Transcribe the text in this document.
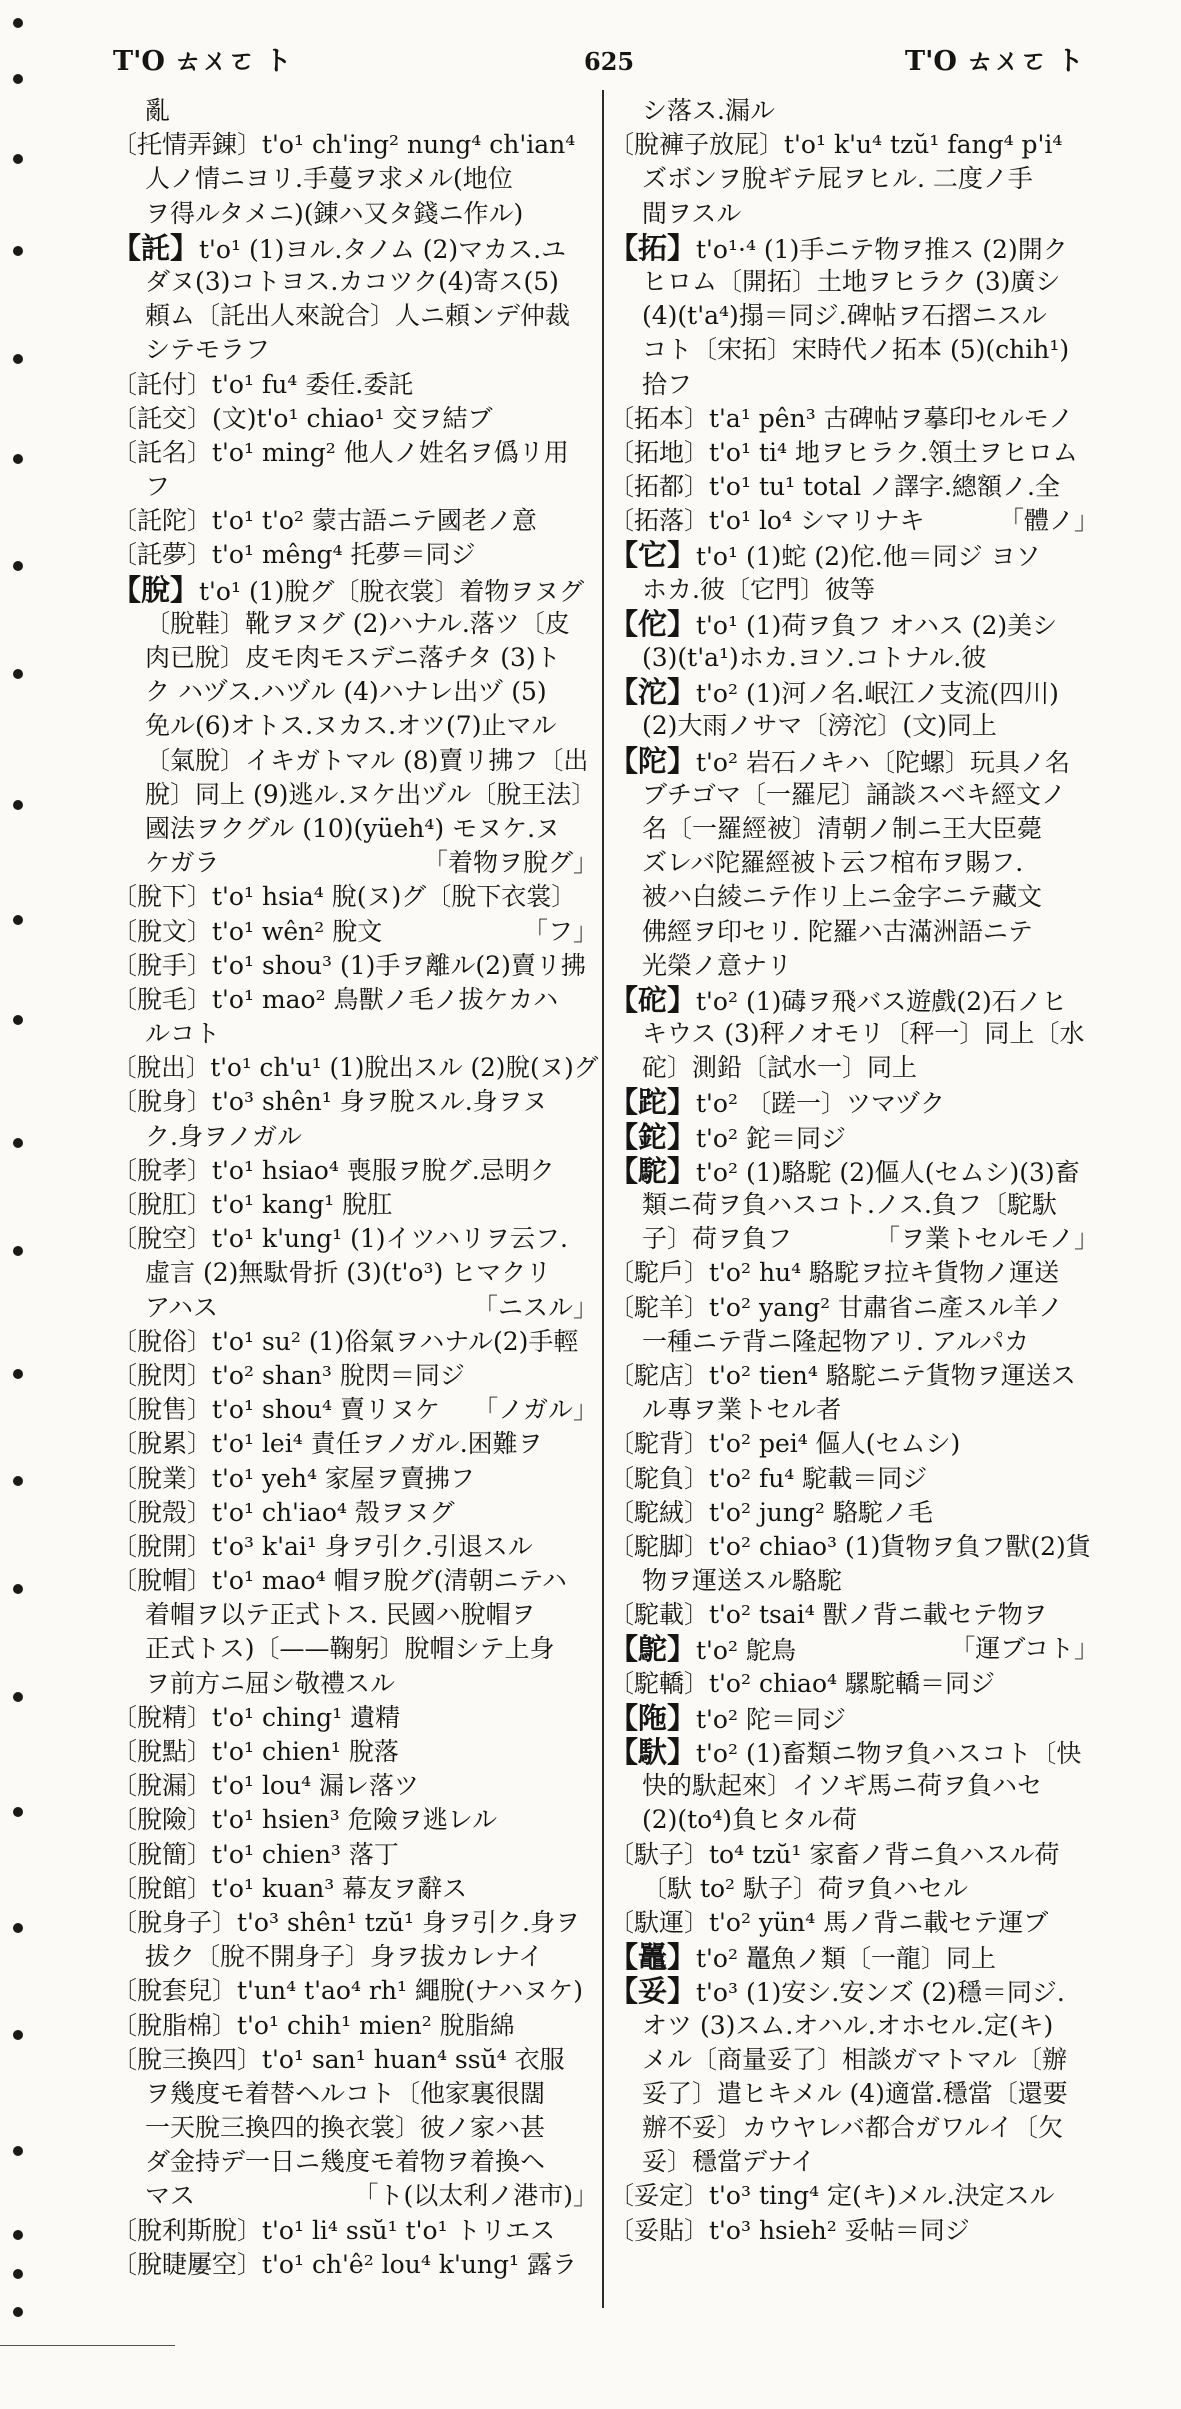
T'O ㄊㄨㄛ ト	625	T'O ㄊㄨㄛ ト
亂
〔托情弄錬〕t'o¹ ch'ing² nung⁴ ch'ian⁴
人ノ情ニヨリ.手蔓ヲ求メル(地位
ヲ得ルタメニ)(錬ハ又タ錢ニ作ル)
【託】t'o¹ (1)ヨル.タノム (2)マカス.ユ
ダヌ(3)コトヨス.カコツク(4)寄ス(5)
頼ム〔託出人來說合〕人ニ頼ンデ仲裁
シテモラフ
〔託付〕t'o¹ fu⁴ 委任.委託
〔託交〕(文)t'o¹ chiao¹ 交ヲ結ブ
〔託名〕t'o¹ ming² 他人ノ姓名ヲ僞リ用
フ
〔託陀〕t'o¹ t'o² 蒙古語ニテ國老ノ意
〔託夢〕t'o¹ mêng⁴ 托夢＝同ジ
【脫】t'o¹ (1)脫グ〔脫衣裳〕着物ヲヌグ
〔脫鞋〕靴ヲヌグ (2)ハナル.落ツ〔皮
肉已脫〕皮モ肉モスデニ落チタ (3)ト
ク ハヅス.ハヅル (4)ハナレ出ヅ (5)
免ル(6)オトス.ヌカス.オツ(7)止マル
〔氣脫〕イキガトマル (8)賣リ拂フ〔出
脫〕同上 (9)逃ル.ヌケ出ヅル〔脫王法〕
國法ヲクグル (10)(yüeh⁴) モヌケ.ヌ
ケガラ	「着物ヲ脫グ」
〔脫下〕t'o¹ hsia⁴ 脫(ヌ)グ〔脫下衣裳〕
〔脫文〕t'o¹ wên² 脫文	「フ」
〔脫手〕t'o¹ shou³ (1)手ヲ離ル(2)賣リ拂
〔脫毛〕t'o¹ mao² 鳥獸ノ毛ノ拔ケカハ
ルコト
〔脫出〕t'o¹ ch'u¹ (1)脫出スル (2)脫(ヌ)グ
〔脫身〕t'o³ shên¹ 身ヲ脫スル.身ヲヌ
ク.身ヲノガル
〔脫孝〕t'o¹ hsiao⁴ 喪服ヲ脫グ.忌明ク
〔脫肛〕t'o¹ kang¹ 脫肛
〔脫空〕t'o¹ k'ung¹ (1)イツハリヲ云フ.
虛言 (2)無駄骨折 (3)(t'o³) ヒマクリ
アハス	「ニスル」
〔脫俗〕t'o¹ su² (1)俗氣ヲハナル(2)手輕
〔脫閃〕t'o² shan³ 脫閃＝同ジ
〔脫售〕t'o¹ shou⁴ 賣リヌケ 「ノガル」
〔脫累〕t'o¹ lei⁴ 責任ヲノガル.困難ヲ
〔脫業〕t'o¹ yeh⁴ 家屋ヲ賣拂フ
〔脫殼〕t'o¹ ch'iao⁴ 殼ヲヌグ
〔脫開〕t'o³ k'ai¹ 身ヲ引ク.引退スル
〔脫帽〕t'o¹ mao⁴ 帽ヲ脫グ(清朝ニテハ
着帽ヲ以テ正式トス. 民國ハ脫帽ヲ
正式トス)〔——鞠躬〕脫帽シテ上身
ヲ前方ニ屈シ敬禮スル
〔脫精〕t'o¹ ching¹ 遺精
〔脫點〕t'o¹ chien¹ 脫落
〔脫漏〕t'o¹ lou⁴ 漏レ落ツ
〔脫險〕t'o¹ hsien³ 危險ヲ逃レル
〔脫簡〕t'o¹ chien³ 落丁
〔脫館〕t'o¹ kuan³ 幕友ヲ辭ス
〔脫身子〕t'o³ shên¹ tzŭ¹ 身ヲ引ク.身ヲ
拔ク〔脫不開身子〕身ヲ拔カレナイ
〔脫套兒〕t'un⁴ t'ao⁴ rh¹ 繩脫(ナハヌケ)
〔脫脂棉〕t'o¹ chih¹ mien² 脫脂綿
〔脫三換四〕t'o¹ san¹ huan⁴ ssŭ⁴ 衣服
ヲ幾度モ着替ヘルコト〔他家裏很闊
一天脫三換四的換衣裳〕彼ノ家ハ甚
ダ金持デ一日ニ幾度モ着物ヲ着換ヘ
マス	「ト(以太利ノ港市)」
〔脫利斯脫〕t'o¹ li⁴ ssŭ¹ t'o¹ トリエス
〔脫睫屢空〕t'o¹ ch'ê² lou⁴ k'ung¹ 露ラ
シ落ス.漏ル
〔脫褲子放屁〕t'o¹ k'u⁴ tzŭ¹ fang⁴ p'i⁴
ズボンヲ脫ギテ屁ヲヒル. 二度ノ手
間ヲスル
【拓】t'o¹·⁴ (1)手ニテ物ヲ推ス (2)開ク
ヒロム〔開拓〕土地ヲヒラク (3)廣シ
(4)(t'a⁴)搨＝同ジ.碑帖ヲ石摺ニスル
コト〔宋拓〕宋時代ノ拓本 (5)(chih¹)
拾フ
〔拓本〕t'a¹ pên³ 古碑帖ヲ摹印セルモノ
〔拓地〕t'o¹ ti⁴ 地ヲヒラク.領土ヲヒロム
〔拓都〕t'o¹ tu¹ total ノ譯字.總額ノ.全
〔拓落〕t'o¹ lo⁴ シマリナキ	「體ノ」
【它】t'o¹ (1)蛇 (2)佗.他＝同ジ ヨソ
ホカ.彼〔它門〕彼等
【佗】t'o¹ (1)荷ヲ負フ オハス (2)美シ
(3)(t'a¹)ホカ.ヨソ.コトナル.彼
【沱】t'o² (1)河ノ名.岷江ノ支流(四川)
(2)大雨ノサマ〔滂沱〕(文)同上
【陀】t'o² 岩石ノキハ〔陀螺〕玩具ノ名
ブチゴマ〔一羅尼〕誦談スベキ經文ノ
名〔一羅經被〕清朝ノ制ニ王大臣薨
ズレバ陀羅經被ト云フ棺布ヲ賜フ.
被ハ白綾ニテ作リ上ニ金字ニテ藏文
佛經ヲ印セリ. 陀羅ハ古滿洲語ニテ
光榮ノ意ナリ
【砣】t'o² (1)碡ヲ飛バス遊戲(2)石ノヒ
キウス (3)秤ノオモリ〔秤一〕同上〔水
砣〕測鉛〔試水一〕同上
【跎】t'o² 〔蹉一〕ツマヅク
【鉈】t'o² 鉈＝同ジ
【駝】t'o² (1)駱駝 (2)傴人(セムシ)(3)畜
類ニ荷ヲ負ハスコト.ノス.負フ〔駝馱
子〕荷ヲ負フ	「ヲ業トセルモノ」
〔駝戶〕t'o² hu⁴ 駱駝ヲ拉キ貨物ノ運送
〔駝羊〕t'o² yang² 甘肅省ニ產スル羊ノ
一種ニテ背ニ隆起物アリ. アルパカ
〔駝店〕t'o² tien⁴ 駱駝ニテ貨物ヲ運送ス
ル專ヲ業トセル者
〔駝背〕t'o² pei⁴ 傴人(セムシ)
〔駝負〕t'o² fu⁴ 駝載＝同ジ
〔駝絨〕t'o² jung² 駱駝ノ毛
〔駝脚〕t'o² chiao³ (1)貨物ヲ負フ獸(2)貨
物ヲ運送スル駱駝
〔駝載〕t'o² tsai⁴ 獸ノ背ニ載セテ物ヲ
【鴕】t'o² 鴕鳥	「運ブコト」
〔駝轎〕t'o² chiao⁴ 騾駝轎＝同ジ
【陁】t'o² 陀＝同ジ
【馱】t'o² (1)畜類ニ物ヲ負ハスコト〔快
快的馱起來〕イソギ馬ニ荷ヲ負ハセ
(2)(to⁴)負ヒタル荷
〔馱子〕to⁴ tzŭ¹ 家畜ノ背ニ負ハスル荷
〔馱 to² 馱子〕荷ヲ負ハセル
〔馱運〕t'o² yün⁴ 馬ノ背ニ載セテ運ブ
【鼉】t'o² 鼉魚ノ類〔一龍〕同上
【妥】t'o³ (1)安シ.安ンズ (2)穩＝同ジ.
オツ (3)スム.オハル.オホセル.定(キ)
メル〔商量妥了〕相談ガマトマル〔辦
妥了〕遣ヒキメル (4)適當.穩當〔還要
辦不妥〕カウヤレバ都合ガワルイ〔欠
妥〕穩當デナイ
〔妥定〕t'o³ ting⁴ 定(キ)メル.決定スル
〔妥貼〕t'o³ hsieh² 妥帖＝同ジ
